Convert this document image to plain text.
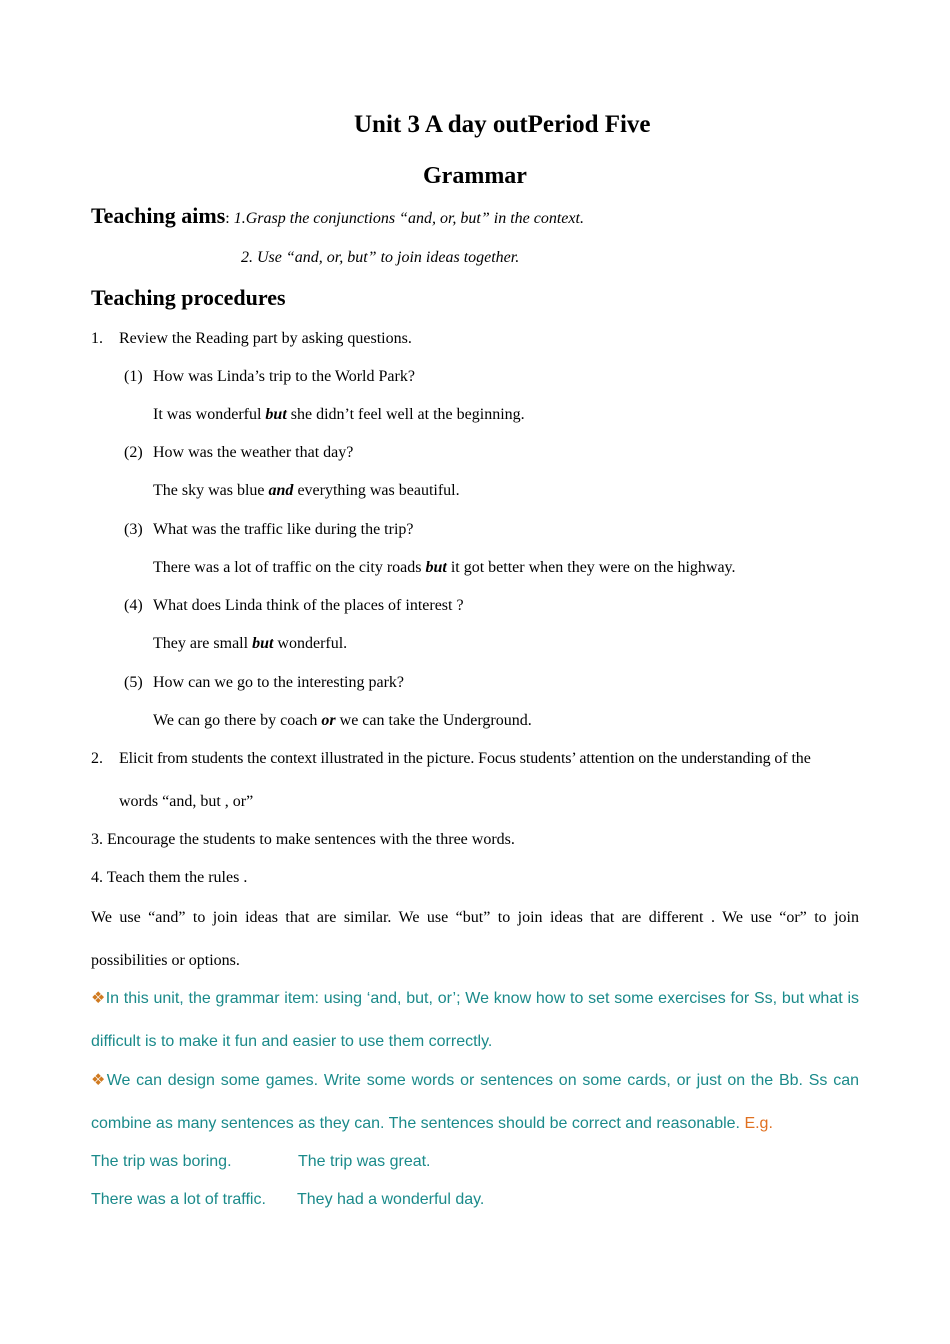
Unit 3 A day outPeriod Five
Grammar
Teaching aims: 1.Grasp the conjunctions “and, or, but” in the context.
2. Use “and, or, but” to join ideas together.
Teaching procedures
1. Review the Reading part by asking questions.
(1) How was Linda’s trip to the World Park?
It was wonderful but she didn’t feel well at the beginning.
(2) How was the weather that day?
The sky was blue and everything was beautiful.
(3) What was the traffic like during the trip?
There was a lot of traffic on the city roads but it got better when they were on the highway.
(4) What does Linda think of the places of interest ?
They are small but wonderful.
(5) How can we go to the interesting park?
We can go there by coach or we can take the Underground.
2. Elicit from students the context illustrated in the picture. Focus students’ attention on the understanding of the
words “and, but , or”
3. Encourage the students to make sentences with the three words.
4. Teach them the rules .
We use “and” to join ideas that are similar. We use “but” to join ideas that are different . We use “or” to join possibilities or options.
❖In this unit, the grammar item: using ‘and, but, or’; We know how to set some exercises for Ss, but what is difficult is to make it fun and easier to use them correctly.
❖We can design some games. Write some words or sentences on some cards, or just on the Bb. Ss can combine as many sentences as they can. The sentences should be correct and reasonable. E.g.
The trip was boring.	The trip was great.
There was a lot of traffic. They had a wonderful day.
